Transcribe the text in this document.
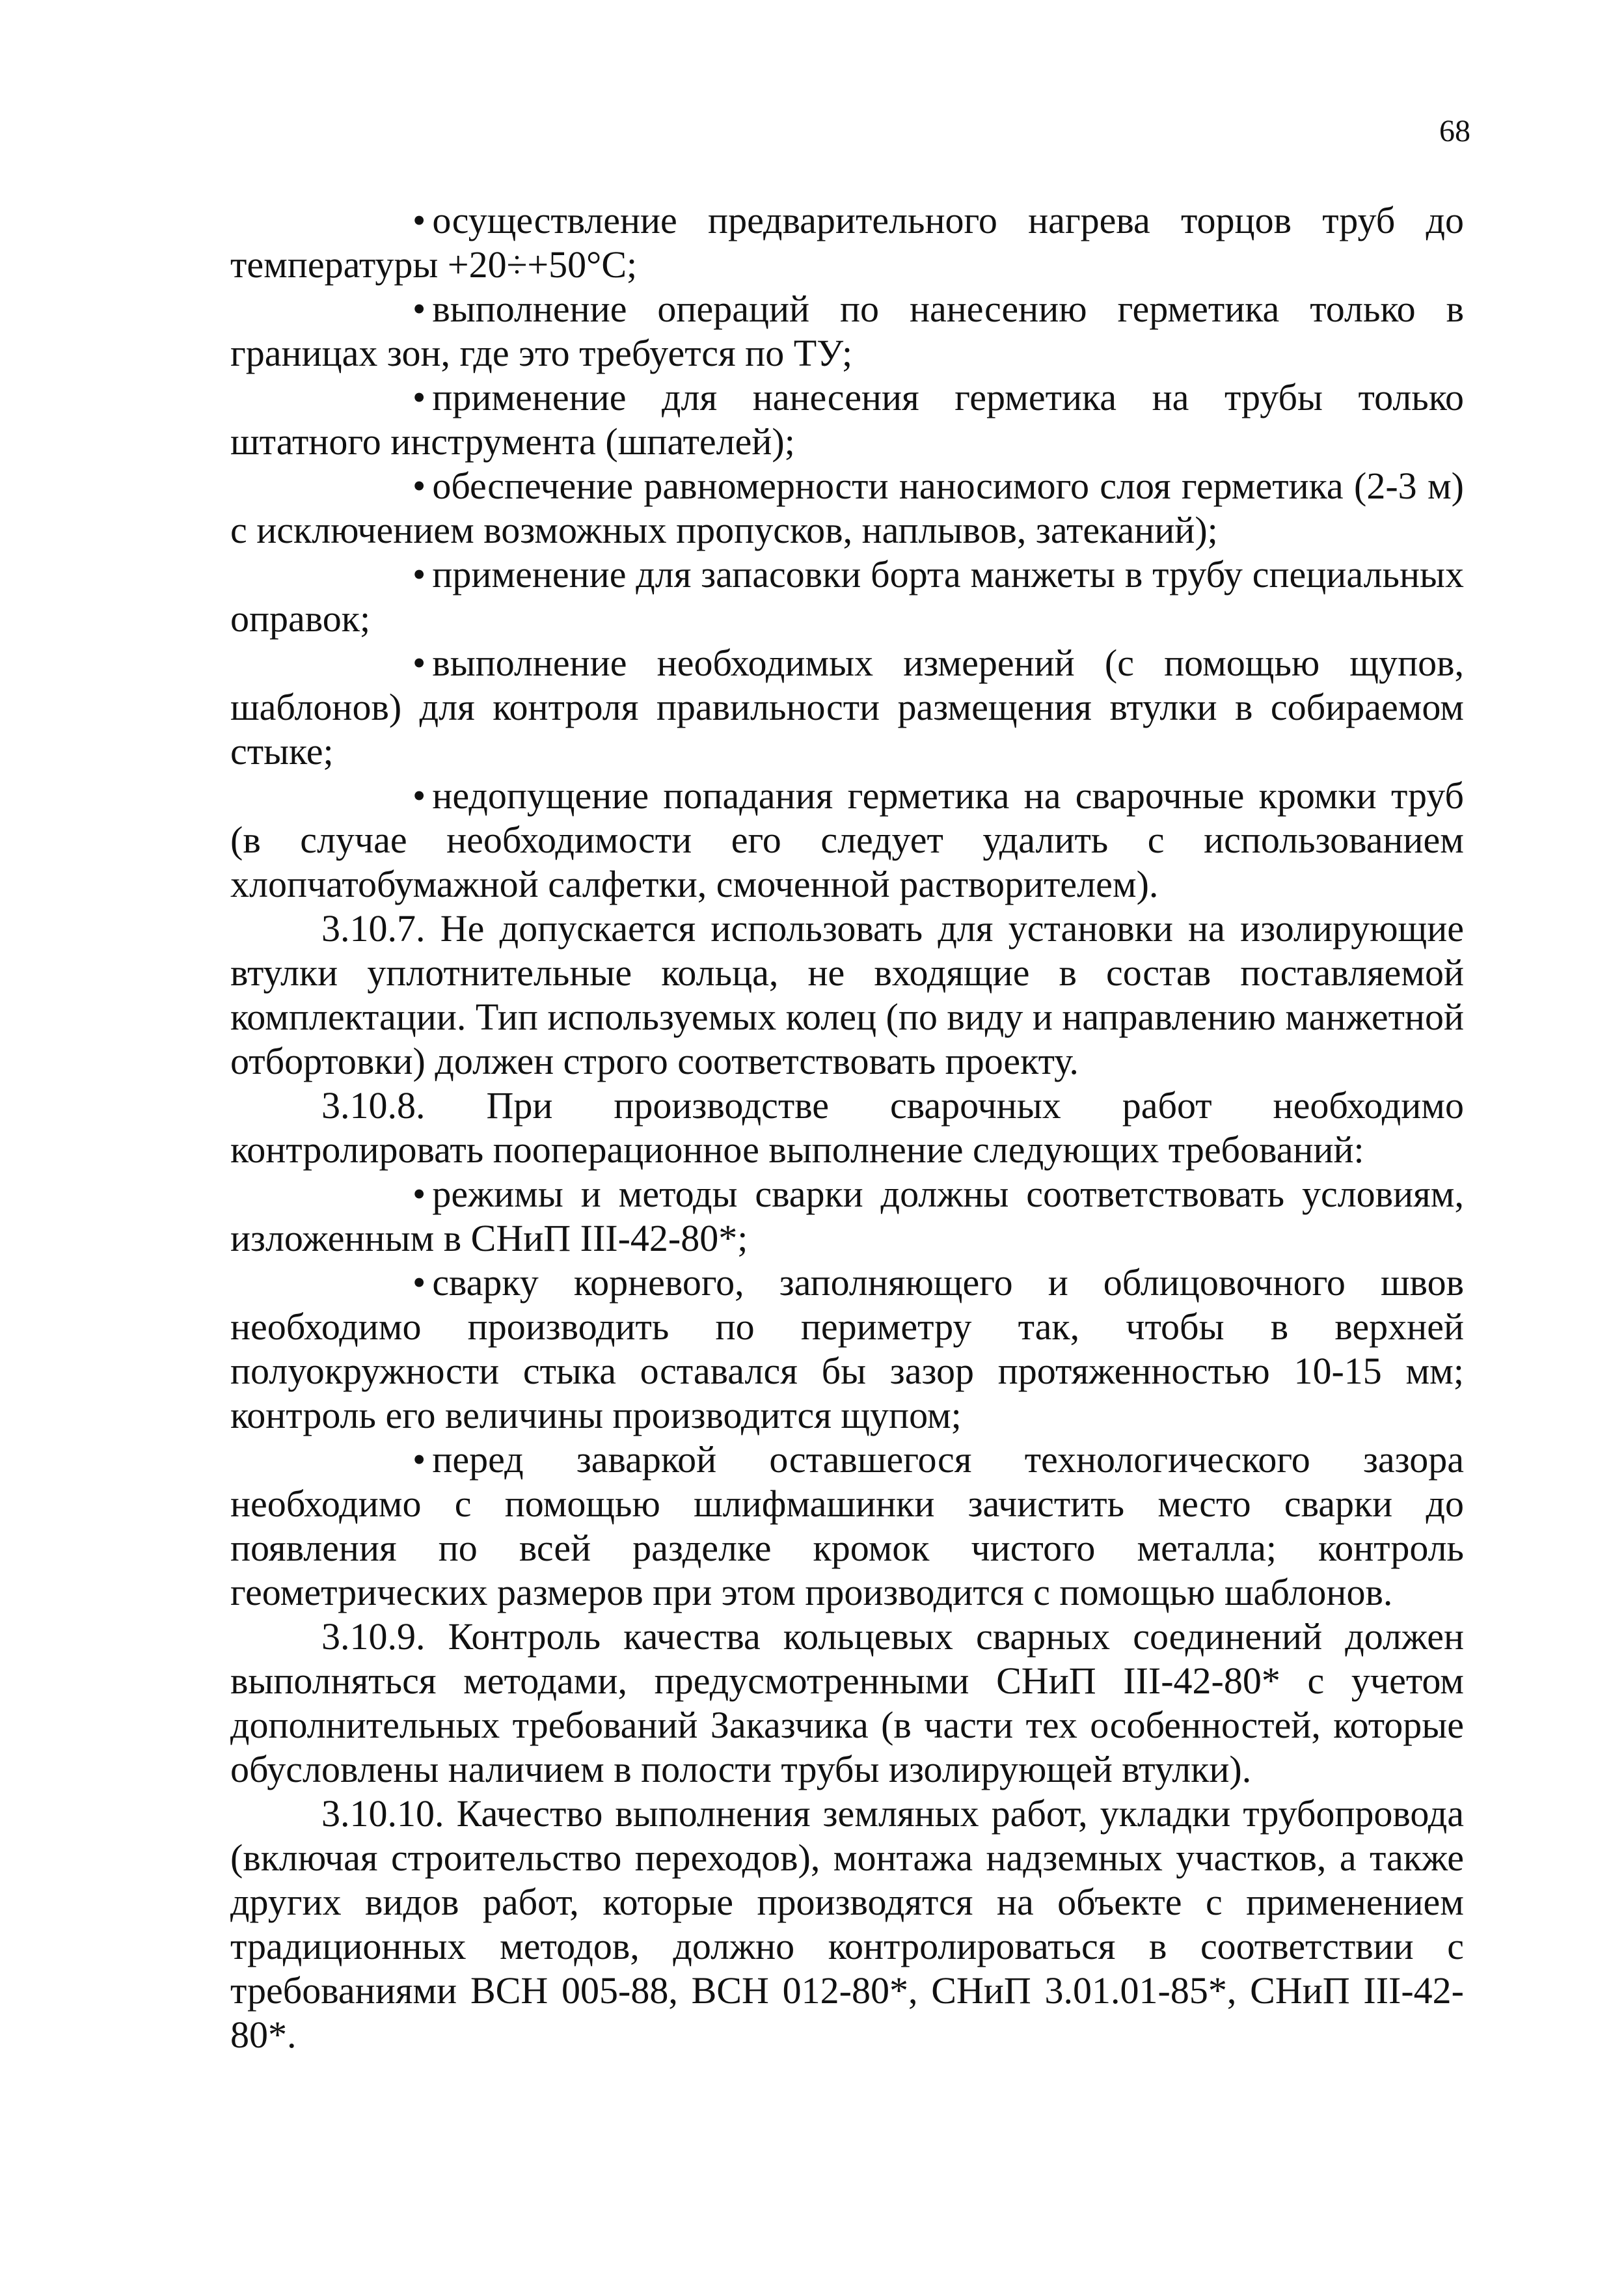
68

• осуществление предварительного нагрева торцов труб до температуры +20÷+50°С;

• выполнение операций по нанесению герметика только в границах зон, где это требуется по ТУ;

• применение для нанесения герметика на трубы только штатного инструмента (шпателей);

• обеспечение равномерности наносимого слоя герметика (2-3 м) с исключением возможных пропусков, наплывов, затеканий);

• применение для запасовки борта манжеты в трубу специальных оправок;

• выполнение необходимых измерений (с помощью щупов, шаблонов) для контроля правильности размещения втулки в собираемом стыке;

• недопущение попадания герметика на сварочные кромки труб (в случае необходимости его следует удалить с использованием хлопчатобумажной салфетки, смоченной растворителем).

3.10.7. Не допускается использовать для установки на изолирующие втулки уплотнительные кольца, не входящие в состав поставляемой комплектации. Тип используемых колец (по виду и направлению манжетной отбортовки) должен строго соответствовать проекту.

3.10.8. При производстве сварочных работ необходимо контролировать пооперационное выполнение следующих требований:

• режимы и методы сварки должны соответствовать условиям, изложенным в СНиП III-42-80*;

• сварку корневого, заполняющего и облицовочного швов необходимо производить по периметру так, чтобы в верхней полуокружности стыка оставался бы зазор протяженностью 10-15 мм; контроль его величины производится щупом;

• перед заваркой оставшегося технологического зазора необходимо с помощью шлифмашинки зачистить место сварки до появления по всей разделке кромок чистого металла; контроль геометрических размеров при этом производится с помощью шаблонов.

3.10.9. Контроль качества кольцевых сварных соединений должен выполняться методами, предусмотренными СНиП III-42-80* с учетом дополнительных требований Заказчика (в части тех особенностей, которые обусловлены наличием в полости трубы изолирующей втулки).

3.10.10. Качество выполнения земляных работ, укладки трубопровода (включая строительство переходов), монтажа надземных участков, а также других видов работ, которые производятся на объекте с применением традиционных методов, должно контролироваться в соответствии с требованиями ВСН 005-88, ВСН 012-80*, СНиП 3.01.01-85*, СНиП III-42-80*.
